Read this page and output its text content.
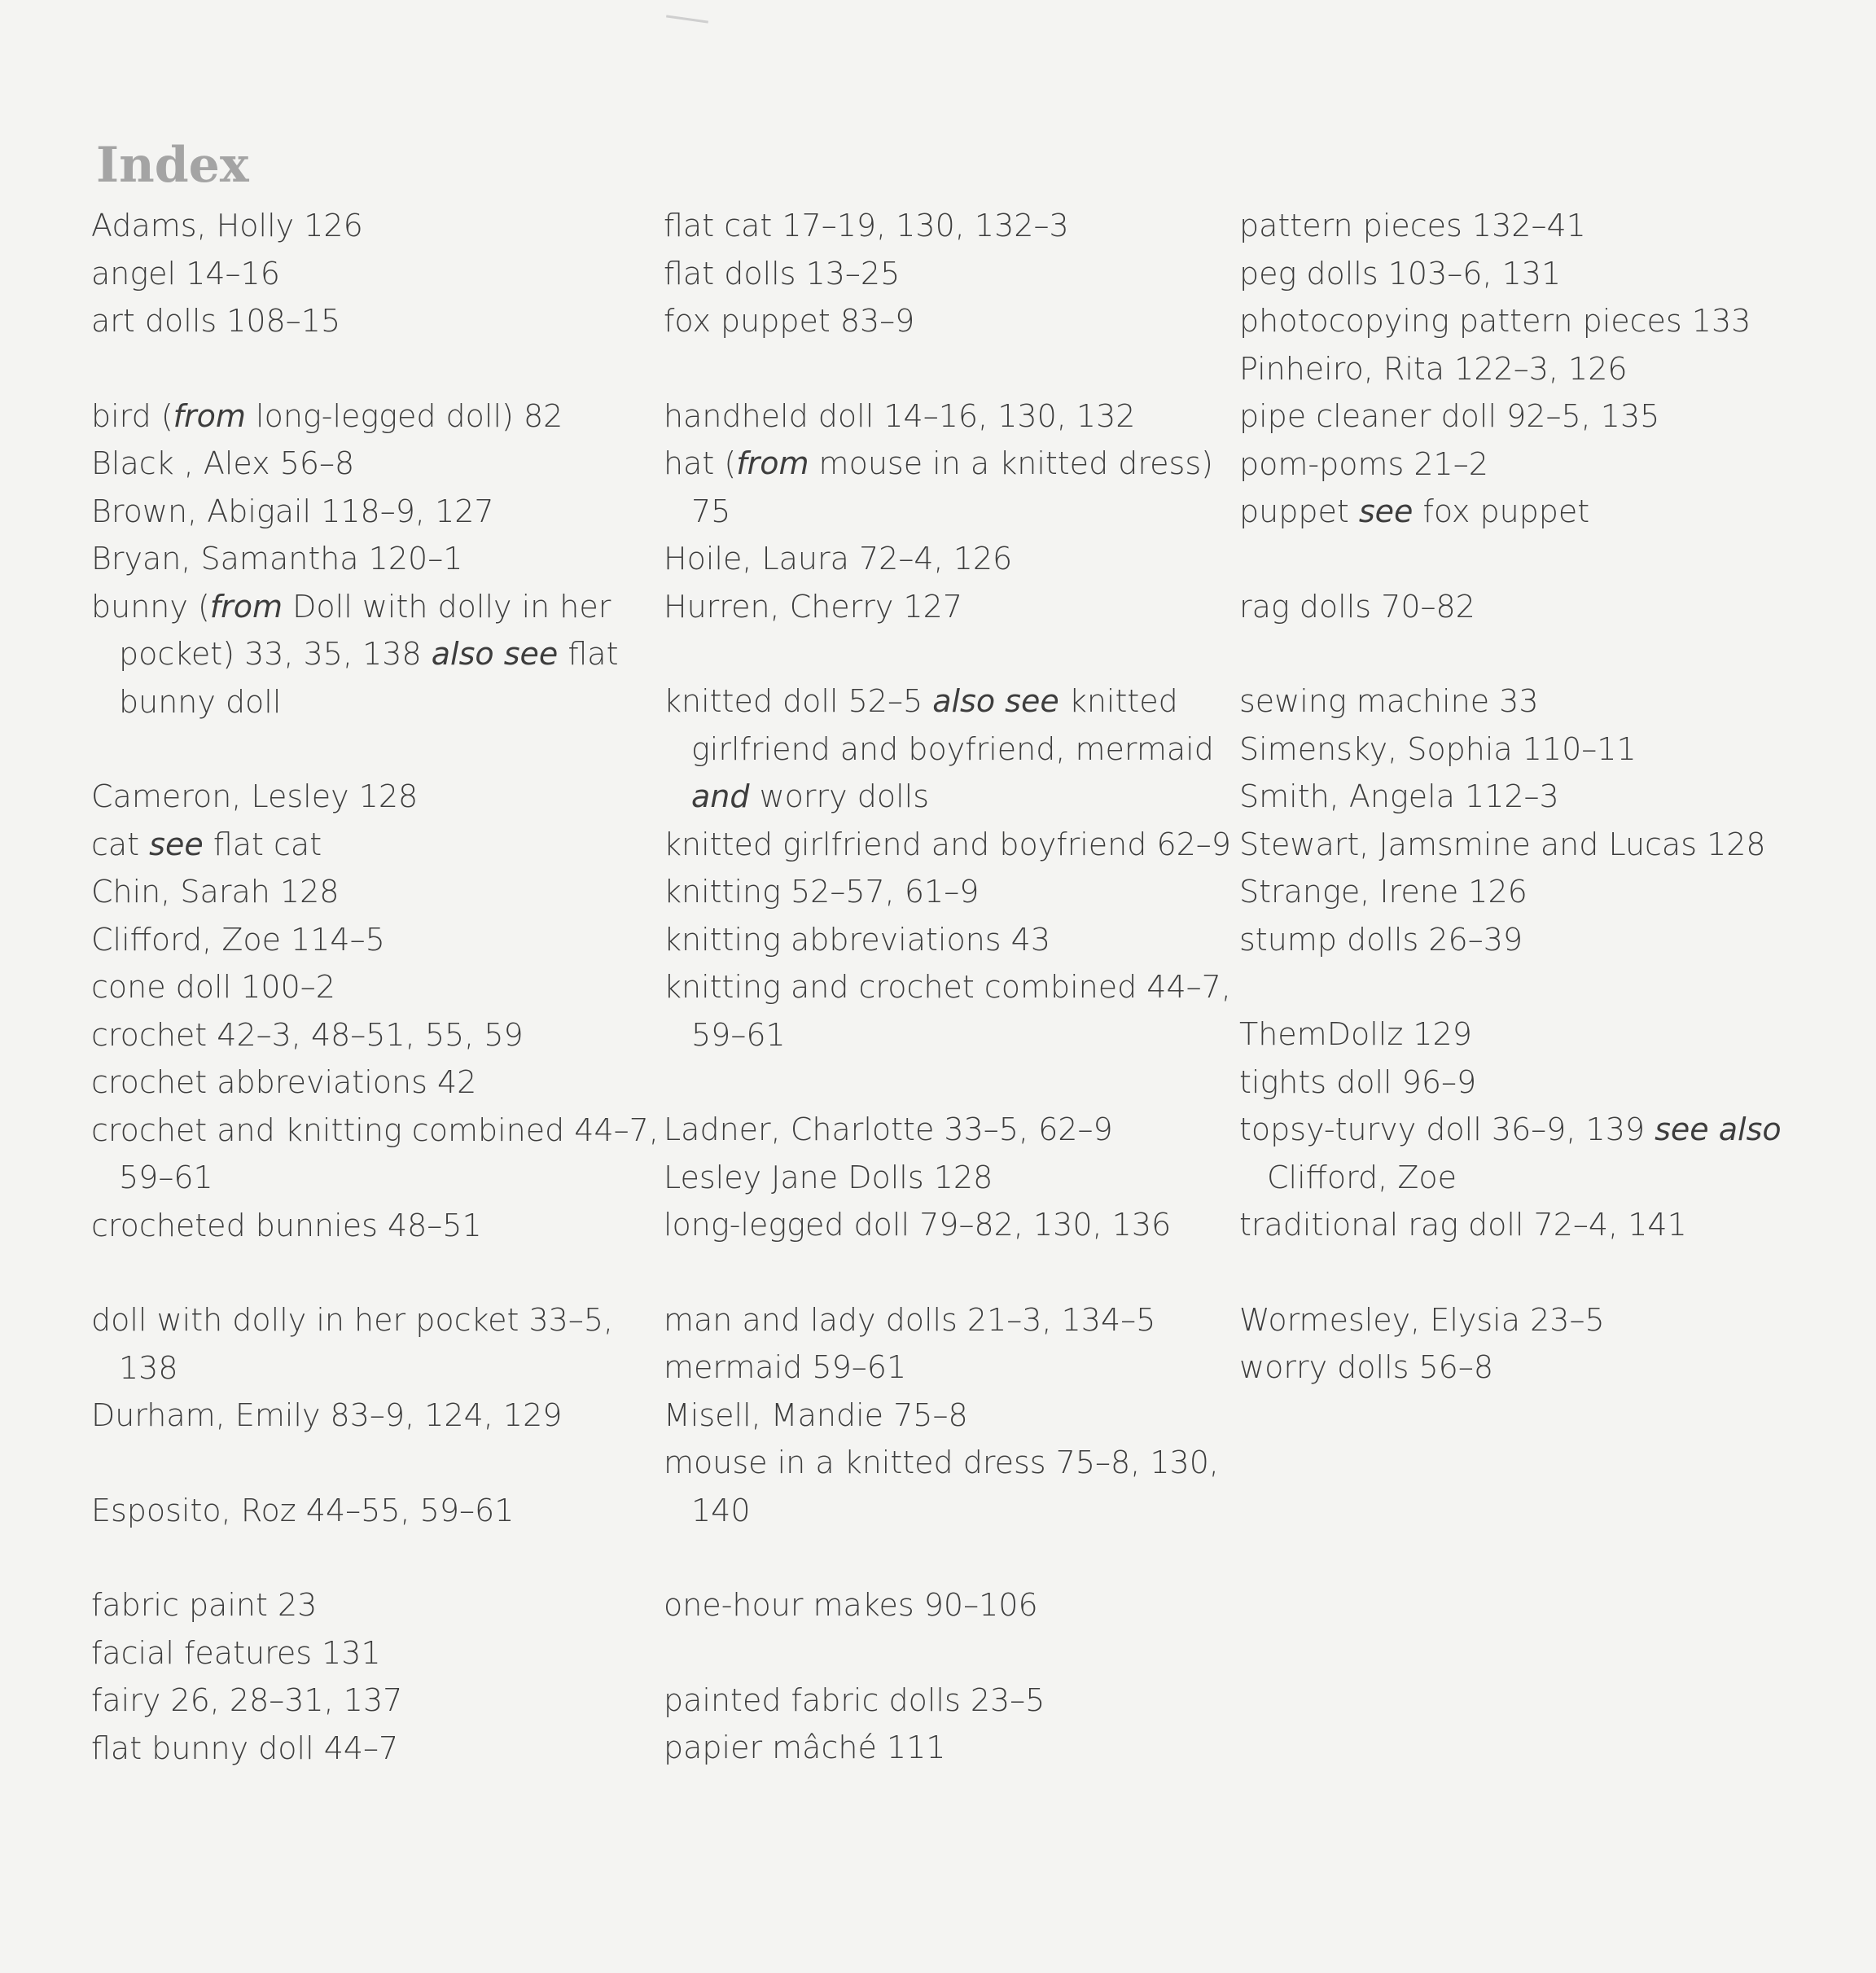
Index
Adams, Holly 126
angel 14–16
art dolls 108–15
bird (from long-legged doll) 82
Black , Alex 56–8
Brown, Abigail 118–9, 127
Bryan, Samantha 120–1
bunny (from Doll with dolly in her pocket) 33, 35, 138 also see flat bunny doll
Cameron, Lesley 128
cat see flat cat
Chin, Sarah 128
Clifford, Zoe 114–5
cone doll 100–2
crochet 42–3, 48–51, 55, 59
crochet abbreviations 42
crochet and knitting combined 44–7, 59–61
crocheted bunnies 48–51
doll with dolly in her pocket 33–5, 138
Durham, Emily 83–9, 124, 129
Esposito, Roz 44–55, 59–61
fabric paint 23
facial features 131
fairy 26, 28–31, 137
flat bunny doll 44–7
flat cat 17–19, 130, 132–3
flat dolls 13–25
fox puppet 83–9
handheld doll 14–16, 130, 132
hat (from mouse in a knitted dress) 75
Hoile, Laura 72–4, 126
Hurren, Cherry 127
knitted doll 52–5 also see knitted girlfriend and boyfriend, mermaid and worry dolls
knitted girlfriend and boyfriend 62–9
knitting 52–57, 61–9
knitting abbreviations 43
knitting and crochet combined 44–7, 59–61
Ladner, Charlotte 33–5, 62–9
Lesley Jane Dolls 128
long-legged doll 79–82, 130, 136
man and lady dolls 21–3, 134–5
mermaid 59–61
Misell, Mandie 75–8
mouse in a knitted dress 75–8, 130, 140
one-hour makes 90–106
painted fabric dolls 23–5
papier mâché 111
pattern pieces 132–41
peg dolls 103–6, 131
photocopying pattern pieces 133
Pinheiro, Rita 122–3, 126
pipe cleaner doll 92–5, 135
pom-poms 21–2
puppet see fox puppet
rag dolls 70–82
sewing machine 33
Simensky, Sophia 110–11
Smith, Angela 112–3
Stewart, Jamsmine and Lucas 128
Strange, Irene 126
stump dolls 26–39
ThemDollz 129
tights doll 96–9
topsy-turvy doll 36–9, 139 see also Clifford, Zoe
traditional rag doll 72–4, 141
Wormesley, Elysia 23–5
worry dolls 56–8
